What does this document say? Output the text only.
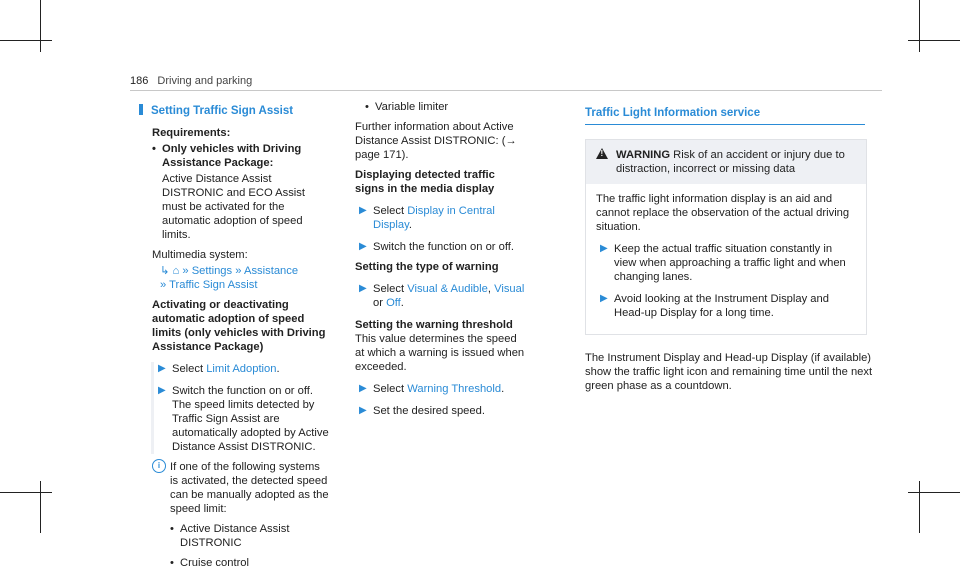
186 Driving and parking
Setting Traffic Sign Assist

Requirements:

• Only vehicles with Driving Assistance Package:

Active Distance Assist DISTRONIC and ECO Assist must be activated for the automatic adoption of speed limits.

Multimedia system:

↳ ⌂ » Settings » Assistance
» Traffic Sign Assist

Activating or deactivating automatic adoption of speed limits (only vehicles with Driving Assistance Package)

▶ Select Limit Adoption.
▶ Switch the function on or off.
The speed limits detected by Traffic Sign Assist are automatically adopted by Active Distance Assist DISTRONIC.
i If one of the following systems is activated, the detected speed can be manually adopted as the speed limit:
• Active Distance Assist DISTRONIC
• Cruise control
• Variable limiter

Further information about Active Distance Assist DISTRONIC: (→ page 171).

Displaying detected traffic signs in the media display

▶ Select Display in Central Display.
▶ Switch the function on or off.

Setting the type of warning

▶ Select Visual & Audible, Visual or Off.

Setting the warning threshold

This value determines the speed at which a warning is issued when exceeded.

▶ Select Warning Threshold.
▶ Set the desired speed.
Traffic Light Information service
!
WARNING Risk of an accident or injury due to distraction, incorrect or missing data

The traffic light information display is an aid and cannot replace the observation of the actual driving situation.

▶ Keep the actual traffic situation constantly in view when approaching a traffic light and when changing lanes.
▶ Avoid looking at the Instrument Display and Head-up Display for a long time.

The Instrument Display and Head-up Display (if available) show the traffic light icon and remaining time until the next green phase as a countdown.
